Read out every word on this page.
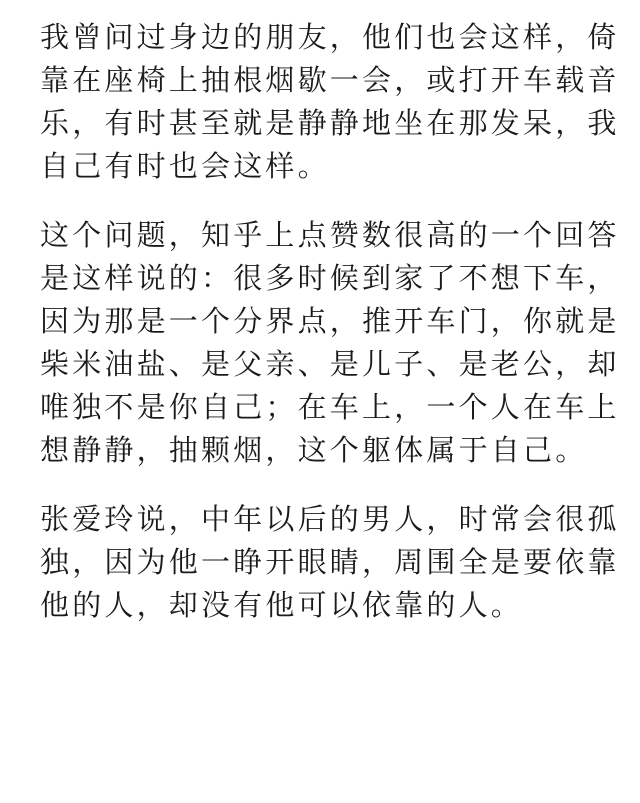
我曾问过身边的朋友，他们也会这样，倚
靠在座椅上抽根烟歇一会，或打开车载音
乐，有时甚至就是静静地坐在那发呆，我
自己有时也会这样。

这个问题，知乎上点赞数很高的一个回答
是这样说的：很多时候到家了不想下车，
因为那是一个分界点，推开车门，你就是
柴米油盐、是父亲、是儿子、是老公，却
唯独不是你自己；在车上，一个人在车上
想静静，抽颗烟，这个躯体属于自己。

张爱玲说，中年以后的男人，时常会很孤
独，因为他一睁开眼睛，周围全是要依靠
他的人，却没有他可以依靠的人。
